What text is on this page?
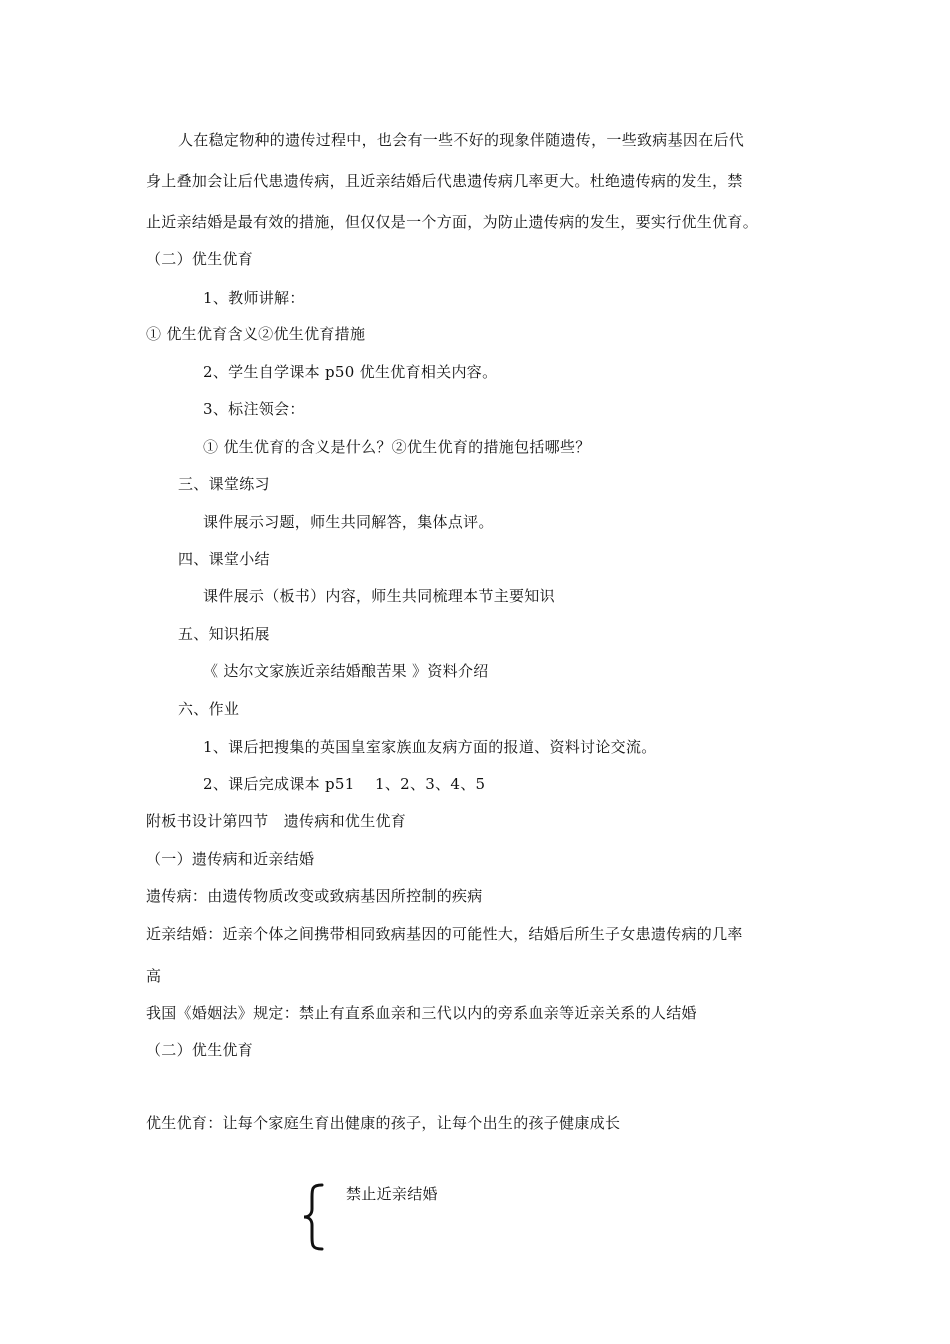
人在稳定物种的遗传过程中，也会有一些不好的现象伴随遗传，一些致病基因在后代
身上叠加会让后代患遗传病，且近亲结婚后代患遗传病几率更大。杜绝遗传病的发生，禁
止近亲结婚是最有效的措施，但仅仅是一个方面，为防止遗传病的发生，要实行优生优育。
（二）优生优育
1、教师讲解：
① 优生优育含义②优生优育措施
2、学生自学课本 p50 优生优育相关内容。
3、标注领会：
① 优生优育的含义是什么？②优生优育的措施包括哪些？
三、课堂练习
课件展示习题，师生共同解答，集体点评。
四、课堂小结
课件展示（板书）内容，师生共同梳理本节主要知识
五、知识拓展
《 达尔文家族近亲结婚酿苦果 》资料介绍
六、作业
1、课后把搜集的英国皇室家族血友病方面的报道、资料讨论交流。
2、课后完成课本 p51　 1、2、3、4、5
附板书设计第四节　遗传病和优生优育
（一）遗传病和近亲结婚
遗传病：由遗传物质改变或致病基因所控制的疾病
近亲结婚：近亲个体之间携带相同致病基因的可能性大，结婚后所生子女患遗传病的几率
高
我国《婚姻法》规定：禁止有直系血亲和三代以内的旁系血亲等近亲关系的人结婚
（二）优生优育
优生优育：让每个家庭生育出健康的孩子，让每个出生的孩子健康成长
禁止近亲结婚
